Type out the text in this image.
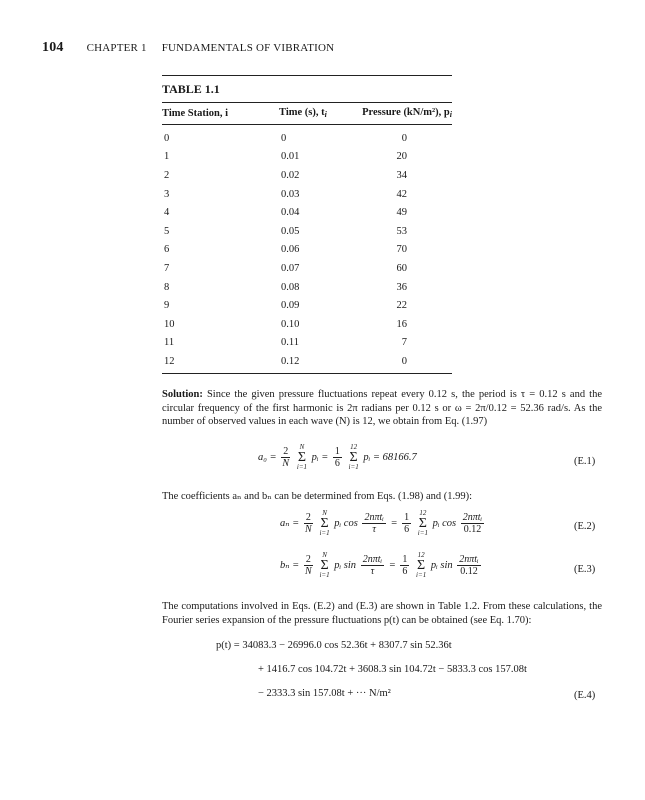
104 CHAPTER 1 FUNDAMENTALS OF VIBRATION
TABLE 1.1
Time Station, i	Time (s), ti	Pressure (kN/m²), pi
0	0	0
1	0.01	20
2	0.02	34
3	0.03	42
4	0.04	49
5	0.05	53
6	0.06	70
7	0.07	60
8	0.08	36
9	0.09	22
10	0.10	16
11	0.11	7
12	0.12	0
Solution: Since the given pressure fluctuations repeat every 0.12 s, the period is τ = 0.12 s and the circular frequency of the first harmonic is 2π radians per 0.12 s or ω = 2π/0.12 = 52.36 rad/s. As the number of observed values in each wave (N) is 12, we obtain from Eq. (1.97)
$a_0 = \frac{2}{N}$
	N
Σ
i=1
pᵢ = $\frac{1}{6}$
12
Σ
i=1
pᵢ = 68166.7	(E.1)
The coefficients aₙ and bₙ can be determined from Eqs. (1.98) and (1.99):
$a_n = \frac{2}{N}$
	N
Σ
i=1
pᵢ $\cos \frac{\text{2nπtᵢ}}{\tau} = \frac{1}{6}$
12
Σ
i=1
pᵢ $\cos \frac{\text{2nπtᵢ}}{0.12}$	(E.2)
$b_n = \frac{2}{N}$
	N
Σ
i=1
pᵢ $\sin \frac{\text{2nπtᵢ}}{\tau} = \frac{1}{6}$
12
Σ
i=1
pᵢ $\sin \frac{\text{2nπtᵢ}}{0.12}$	(E.3)
The computations involved in Eqs. (E.2) and (E.3) are shown in Table 1.2. From these calculations, the Fourier series expansion of the pressure fluctuations p(t) can be obtained (see Eq. 1.70):
p(t) = 34083.3 − 26996.0 cos 52.36t + 8307.7 sin 52.36t
+ 1416.7 cos 104.72t + 3608.3 sin 104.72t − 5833.3 cos 157.08t
− 2333.3 sin 157.08t + ··· N/m²	(E.4)
